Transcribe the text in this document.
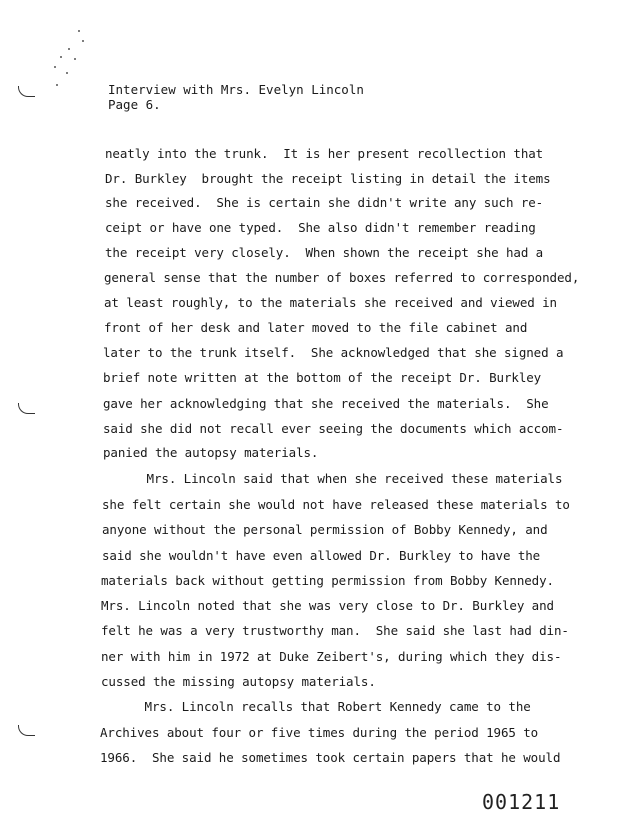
Interview with Mrs. Evelyn Lincoln
Page 6.
neatly into the trunk.  It is her present recollection that
Dr. Burkley  brought the receipt listing in detail the items
she received.  She is certain she didn't write any such re-
ceipt or have one typed.  She also didn't remember reading
the receipt very closely.  When shown the receipt she had a
general sense that the number of boxes referred to corresponded,
at least roughly, to the materials she received and viewed in
front of her desk and later moved to the file cabinet and
later to the trunk itself.  She acknowledged that she signed a
brief note written at the bottom of the receipt Dr. Burkley
gave her acknowledging that she received the materials.  She
said she did not recall ever seeing the documents which accom-
panied the autopsy materials.
Mrs. Lincoln said that when she received these materials
she felt certain she would not have released these materials to
anyone without the personal permission of Bobby Kennedy, and
said she wouldn't have even allowed Dr. Burkley to have the
materials back without getting permission from Bobby Kennedy.
Mrs. Lincoln noted that she was very close to Dr. Burkley and
felt he was a very trustworthy man.  She said she last had din-
ner with him in 1972 at Duke Zeibert's, during which they dis-
cussed the missing autopsy materials.
Mrs. Lincoln recalls that Robert Kennedy came to the
Archives about four or five times during the period 1965 to
1966.  She said he sometimes took certain papers that he would
001211
